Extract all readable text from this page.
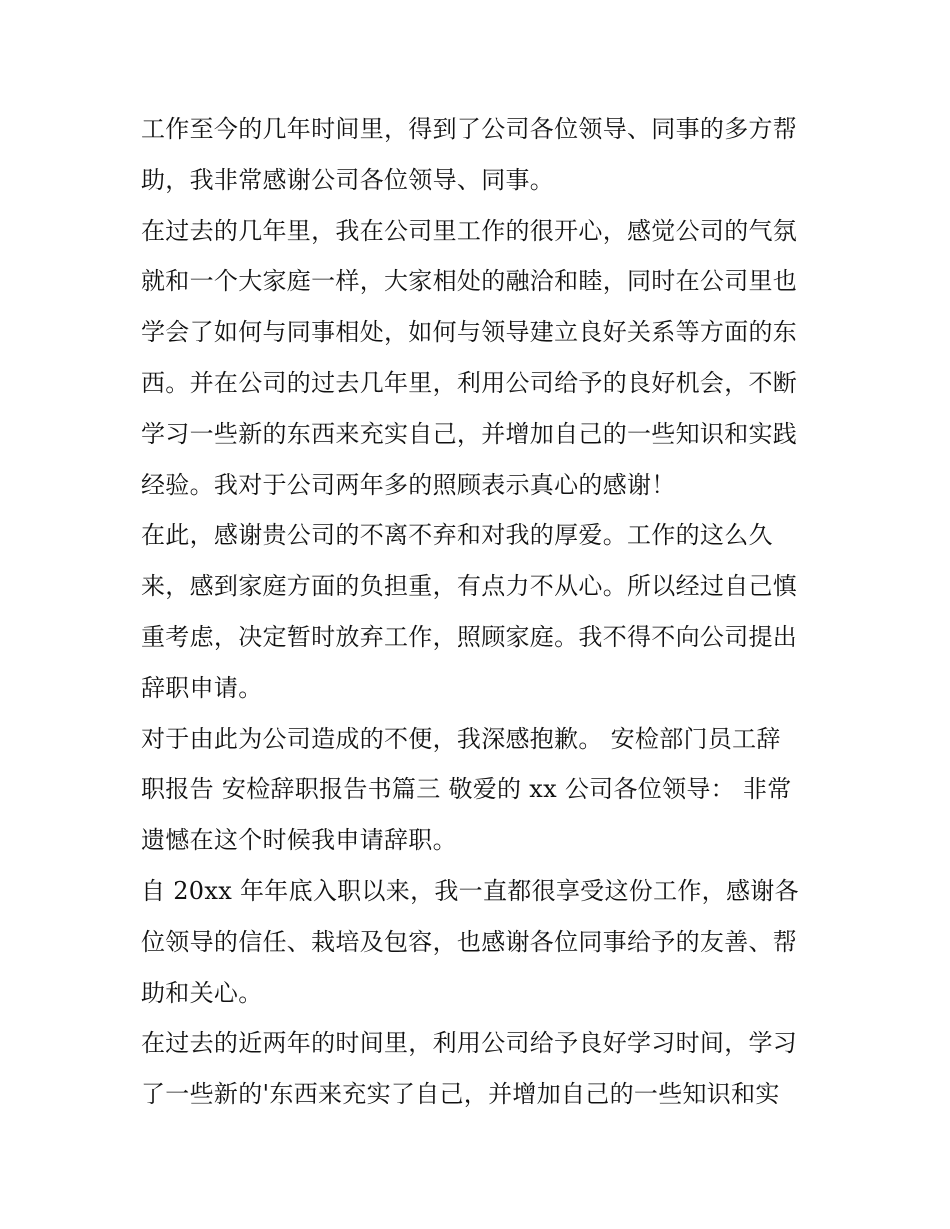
工作至今的几年时间里，得到了公司各位领导、同事的多方帮
助，我非常感谢公司各位领导、同事。
在过去的几年里，我在公司里工作的很开心，感觉公司的气氛
就和一个大家庭一样，大家相处的融洽和睦，同时在公司里也
学会了如何与同事相处，如何与领导建立良好关系等方面的东
西。并在公司的过去几年里，利用公司给予的良好机会，不断
学习一些新的东西来充实自己，并增加自己的一些知识和实践
经验。我对于公司两年多的照顾表示真心的感谢！
在此，感谢贵公司的不离不弃和对我的厚爱。工作的这么久
来，感到家庭方面的负担重，有点力不从心。所以经过自己慎
重考虑，决定暂时放弃工作，照顾家庭。我不得不向公司提出
辞职申请。
对于由此为公司造成的不便，我深感抱歉。 安检部门员工辞
职报告 安检辞职报告书篇三 敬爱的 xx 公司各位领导： 非常
遗憾在这个时候我申请辞职。
自 20xx 年年底入职以来，我一直都很享受这份工作，感谢各
位领导的信任、栽培及包容，也感谢各位同事给予的友善、帮
助和关心。
在过去的近两年的时间里，利用公司给予良好学习时间，学习
了一些新的'东西来充实了自己，并增加自己的一些知识和实
